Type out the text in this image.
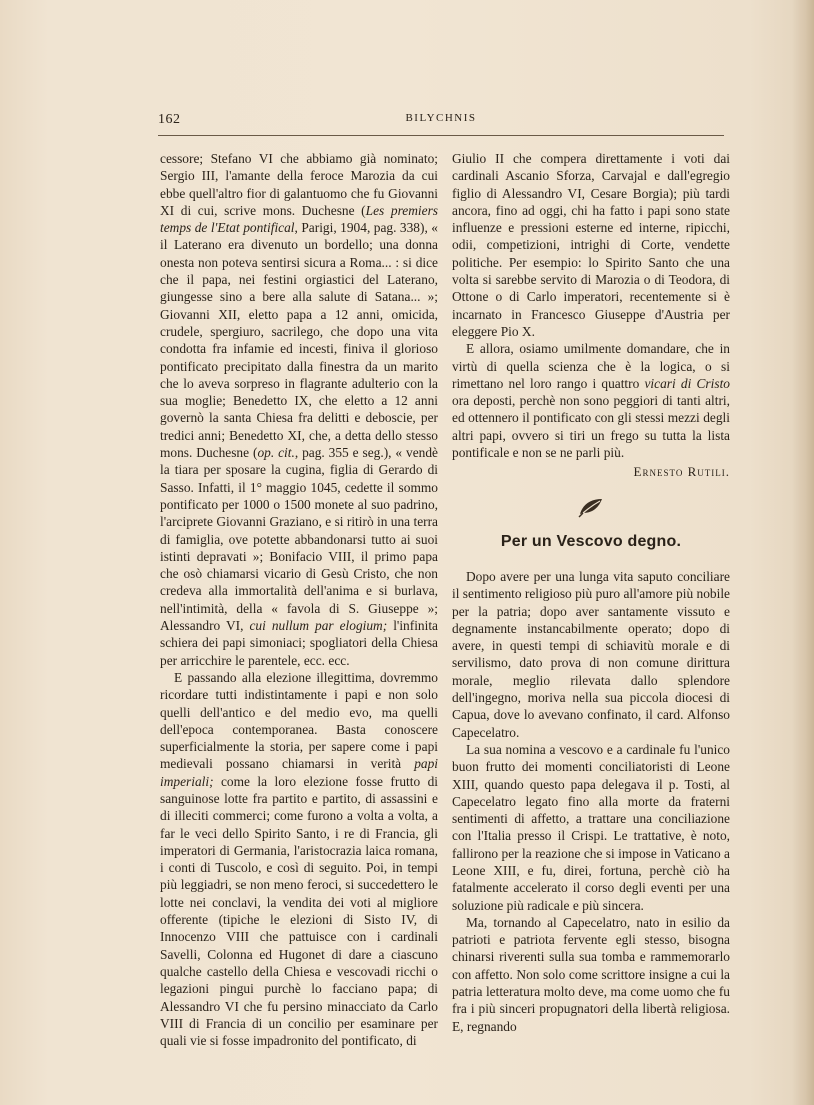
162	BILYCHNIS

cessore; Stefano VI che abbiamo già nominato; Sergio III, l'amante della feroce Marozia da cui ebbe quell'altro fior di galantuomo che fu Giovanni XI di cui, scrive mons. Duchesne (Les premiers temps de l'Etat pontifical, Parigi, 1904, pag. 338), « il Laterano era divenuto un bordello; una donna onesta non poteva sentirsi sicura a Roma... : si dice che il papa, nei festini orgiastici del Laterano, giungesse sino a bere alla salute di Satana... »; Giovanni XII, eletto papa a 12 anni, omicida, crudele, spergiuro, sacrilego, che dopo una vita condotta fra infamie ed incesti, finiva il glorioso pontificato precipitato dalla finestra da un marito che lo aveva sorpreso in flagrante adulterio con la sua moglie; Benedetto IX, che eletto a 12 anni governò la santa Chiesa fra delitti e deboscie, per tredici anni; Benedetto XI, che, a detta dello stesso mons. Duchesne (op. cit., pag. 355 e seg.), « vendè la tiara per sposare la cugina, figlia di Gerardo di Sasso. Infatti, il 1° maggio 1045, cedette il sommo pontificato per 1000 o 1500 monete al suo padrino, l'arciprete Giovanni Graziano, e si ritirò in una terra di famiglia, ove potette abbandonarsi tutto ai suoi istinti depravati »; Bonifacio VIII, il primo papa che osò chiamarsi vicario di Gesù Cristo, che non credeva alla immortalità dell'anima e si burlava, nell'intimità, della « favola di S. Giuseppe »; Alessandro VI, cui nullum par elogium; l'infinita schiera dei papi simoniaci; spogliatori della Chiesa per arricchire le parentele, ecc. ecc.

E passando alla elezione illegittima, dovremmo ricordare tutti indistintamente i papi e non solo quelli dell'antico e del medio evo, ma quelli dell'epoca contemporanea. Basta conoscere superficialmente la storia, per sapere come i papi medievali possano chiamarsi in verità papi imperiali; come la loro elezione fosse frutto di sanguinose lotte fra partito e partito, di assassini e di illeciti commerci; come furono a volta a volta, a far le veci dello Spirito Santo, i re di Francia, gli imperatori di Germania, l'aristocrazia laica romana, i conti di Tuscolo, e così di seguito. Poi, in tempi più leggiadri, se non meno feroci, si succedettero le lotte nei conclavi, la vendita dei voti al migliore offerente (tipiche le elezioni di Sisto IV, di Innocenzo VIII che pattuisce con i cardinali Savelli, Colonna ed Hugonet di dare a ciascuno qualche castello della Chiesa e vescovadi ricchi o legazioni pingui purchè lo facciano papa; di Alessandro VI che fu persino minacciato da Carlo VIII di Francia di un concilio per esaminare per quali vie si fosse impadronito del pontificato, di

Giulio II che compera direttamente i voti dai cardinali Ascanio Sforza, Carvajal e dall'egregio figlio di Alessandro VI, Cesare Borgia); più tardi ancora, fino ad oggi, chi ha fatto i papi sono state influenze e pressioni esterne ed interne, ripicchi, odii, competizioni, intrighi di Corte, vendette politiche. Per esempio: lo Spirito Santo che una volta si sarebbe servito di Marozia o di Teodora, di Ottone o di Carlo imperatori, recentemente si è incarnato in Francesco Giuseppe d'Austria per eleggere Pio X.

E allora, osiamo umilmente domandare, che in virtù di quella scienza che è la logica, o si rimettano nel loro rango i quattro vicari di Cristo ora deposti, perchè non sono peggiori di tanti altri, ed ottennero il pontificato con gli stessi mezzi degli altri papi, ovvero si tiri un frego su tutta la lista pontificale e non se ne parli più.

Ernesto Rutili.
Per un Vescovo degno.

Dopo avere per una lunga vita saputo conciliare il sentimento religioso più puro all'amore più nobile per la patria; dopo aver santamente vissuto e degnamente instancabilmente operato; dopo di avere, in questi tempi di schiavitù morale e di servilismo, dato prova di non comune dirittura morale, meglio rilevata dallo splendore dell'ingegno, moriva nella sua piccola diocesi di Capua, dove lo avevano confinato, il card. Alfonso Capecelatro.

La sua nomina a vescovo e a cardinale fu l'unico buon frutto dei momenti conciliatoristi di Leone XIII, quando questo papa delegava il p. Tosti, al Capecelatro legato fino alla morte da fraterni sentimenti di affetto, a trattare una conciliazione con l'Italia presso il Crispi. Le trattative, è noto, fallirono per la reazione che si impose in Vaticano a Leone XIII, e fu, direi, fortuna, perchè ciò ha fatalmente accelerato il corso degli eventi per una soluzione più radicale e più sincera.

Ma, tornando al Capecelatro, nato in esilio da patrioti e patriota fervente egli stesso, bisogna chinarsi riverenti sulla sua tomba e rammemorarlo con affetto. Non solo come scrittore insigne a cui la patria letteratura molto deve, ma come uomo che fu fra i più sinceri propugnatori della libertà religiosa. E, regnando
